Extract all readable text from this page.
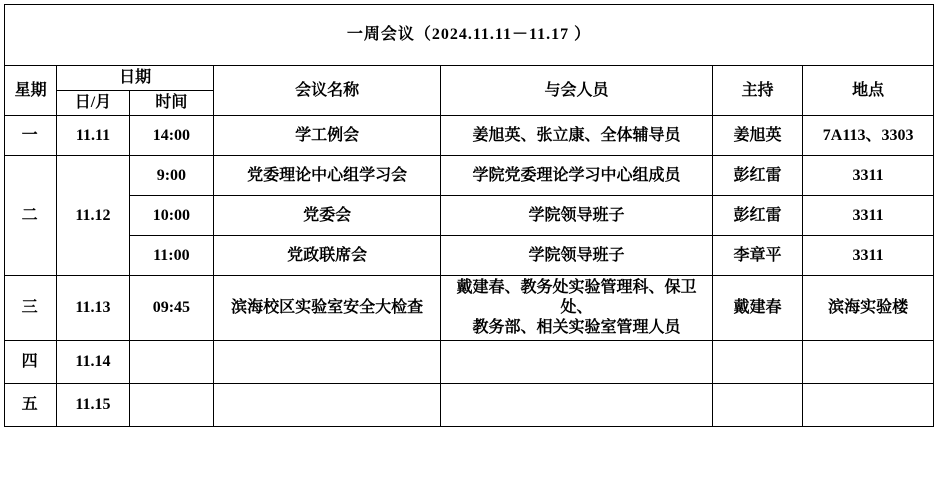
一周会议（2024.11.11－11.17 ）						
星期	日期		会议名称	与会人员	主持	地点
	日/月	时间				
一	11.11	14:00	学工例会	姜旭英、张立康、全体辅导员	姜旭英	7A113、3303
二	11.12	9:00	党委理论中心组学习会	学院党委理论学习中心组成员	彭红雷	3311
		10:00	党委会	学院领导班子	彭红雷	3311
		11:00	党政联席会	学院领导班子	李章平	3311
三	11.13	09:45	滨海校区实验室安全大检查	戴建春、教务处实验管理科、保卫处、
教务部、相关实验室管理人员	戴建春	滨海实验楼
四	11.14					
五	11.15					
